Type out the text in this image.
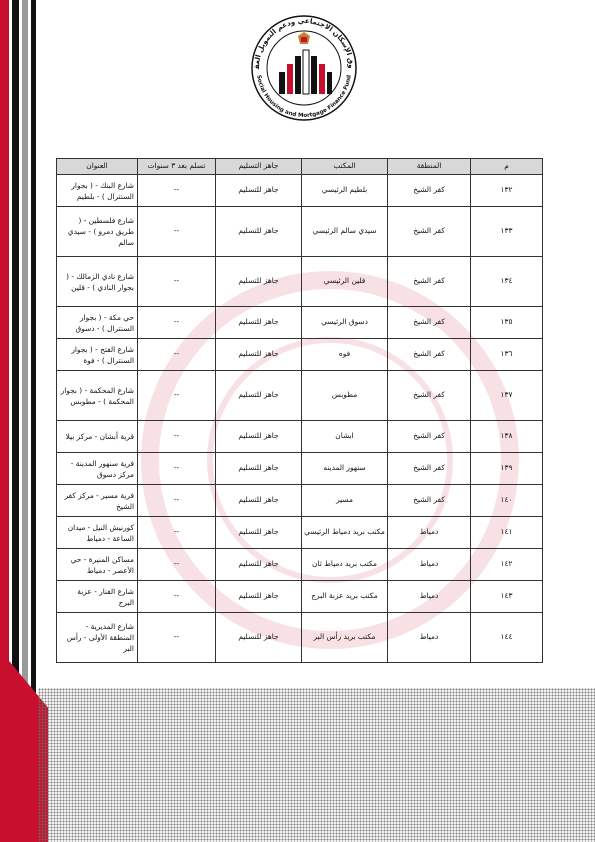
وق الإسكان الاجتماعي ودعم التمويل العق
Social Housing and Mortgage Finance Fund
م	المنطقة	المكتب	جاهز التسليم	تسلم بعد ٣ سنوات	العنوان
١٣٢	كفر الشيخ	بلطيم الرئيسي	جاهز للتسليم	--	شارع البنك - ( بجوار السنترال ) - بلطيم
١٣٣	كفر الشيخ	سيدي سالم الرئيسي	جاهز للتسليم	--	شارع فلسطين - ( طريق دمرو ) - سيدي سالم
١٣٤	كفر الشيخ	قلين الرئيسي	جاهز للتسليم	--	شارع نادي الزمالك - ( بجوار النادي ) - قلين
١٣٥	كفر الشيخ	دسوق الرئيسي	جاهز للتسليم	--	حي مكة - ( بجوار السنترال ) - دسوق
١٣٦	كفر الشيخ	فوه	جاهز للتسليم	--	شارع الفتح - ( بجوار السنترال ) - فوة
١٣٧	كفر الشيخ	مطوبس	جاهز للتسليم	--	شارع المحكمة - ( بجوار المحكمة ) - مطوبس
١٣٨	كفر الشيخ	ابشان	جاهز للتسليم	--	قرية أبشان - مركز بيلا
١٣٩	كفر الشيخ	سنهور المدينه	جاهز للتسليم	--	قرية سنهور المدينة - مركز دسوق
١٤٠	كفر الشيخ	مسير	جاهز للتسليم	--	قرية مسير - مركز كفر الشيخ
١٤١	دمياط	مكتب بريد دمياط الرئيسي	جاهز للتسليم	--	كورنيش النيل - ميدان الساعة - دمياط
١٤٢	دمياط	مكتب بريد دمياط ثان	جاهز للتسليم	--	مساكن المنيرة - حي الأعصر - دمياط
١٤٣	دمياط	مكتب بريد عزبة البرج	جاهز للتسليم	--	شارع الفنار - عزبة البرج
١٤٤	دمياط	مكتب بريد رأس البر	جاهز للتسليم	--	شارع المديرية - المنطقة الأولى - رأس البر
